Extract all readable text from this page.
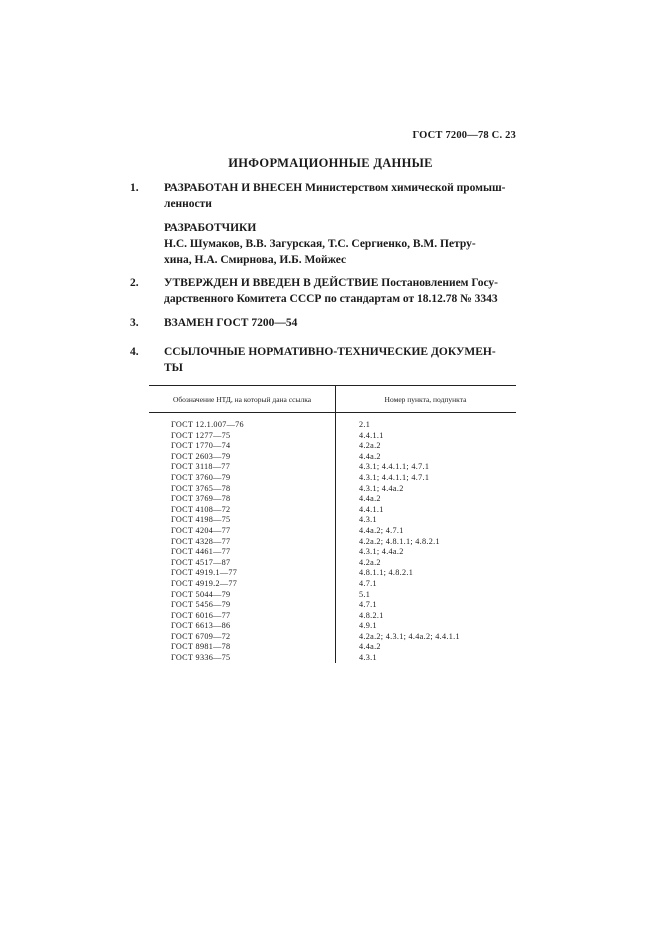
ГОСТ 7200—78 С. 23
ИНФОРМАЦИОННЫЕ ДАННЫЕ
1. РАЗРАБОТАН И ВНЕСЕН Министерством химической промыш-
ленности
РАЗРАБОТЧИКИ
Н.С. Шумаков, В.В. Загурская, Т.С. Сергиенко, В.М. Петру-
хина, Н.А. Смирнова, И.Б. Мойжес
2. УТВЕРЖДЕН И ВВЕДЕН В ДЕЙСТВИЕ Постановлением Госу-
дарственного Комитета СССР по стандартам от 18.12.78 № 3343
3. ВЗАМЕН ГОСТ 7200—54
4. ССЫЛОЧНЫЕ НОРМАТИВНО-ТЕХНИЧЕСКИЕ ДОКУМЕН-
ТЫ
Обозначение НТД, на который дана ссылка	Номер пункта, подпункта
ГОСТ 12.1.007—76	2.1
ГОСТ 1277—75	4.4.1.1
ГОСТ 1770—74	4.2а.2
ГОСТ 2603—79	4.4а.2
ГОСТ 3118—77	4.3.1; 4.4.1.1; 4.7.1
ГОСТ 3760—79	4.3.1; 4.4.1.1; 4.7.1
ГОСТ 3765—78	4.3.1; 4.4а.2
ГОСТ 3769—78	4.4а.2
ГОСТ 4108—72	4.4.1.1
ГОСТ 4198—75	4.3.1
ГОСТ 4204—77	4.4а.2; 4.7.1
ГОСТ 4328—77	4.2а.2; 4.8.1.1; 4.8.2.1
ГОСТ 4461—77	4.3.1; 4.4а.2
ГОСТ 4517—87	4.2а.2
ГОСТ 4919.1—77	4.8.1.1; 4.8.2.1
ГОСТ 4919.2—77	4.7.1
ГОСТ 5044—79	5.1
ГОСТ 5456—79	4.7.1
ГОСТ 6016—77	4.8.2.1
ГОСТ 6613—86	4.9.1
ГОСТ 6709—72	4.2а.2; 4.3.1; 4.4а.2; 4.4.1.1
ГОСТ 8981—78	4.4а.2
ГОСТ 9336—75	4.3.1
